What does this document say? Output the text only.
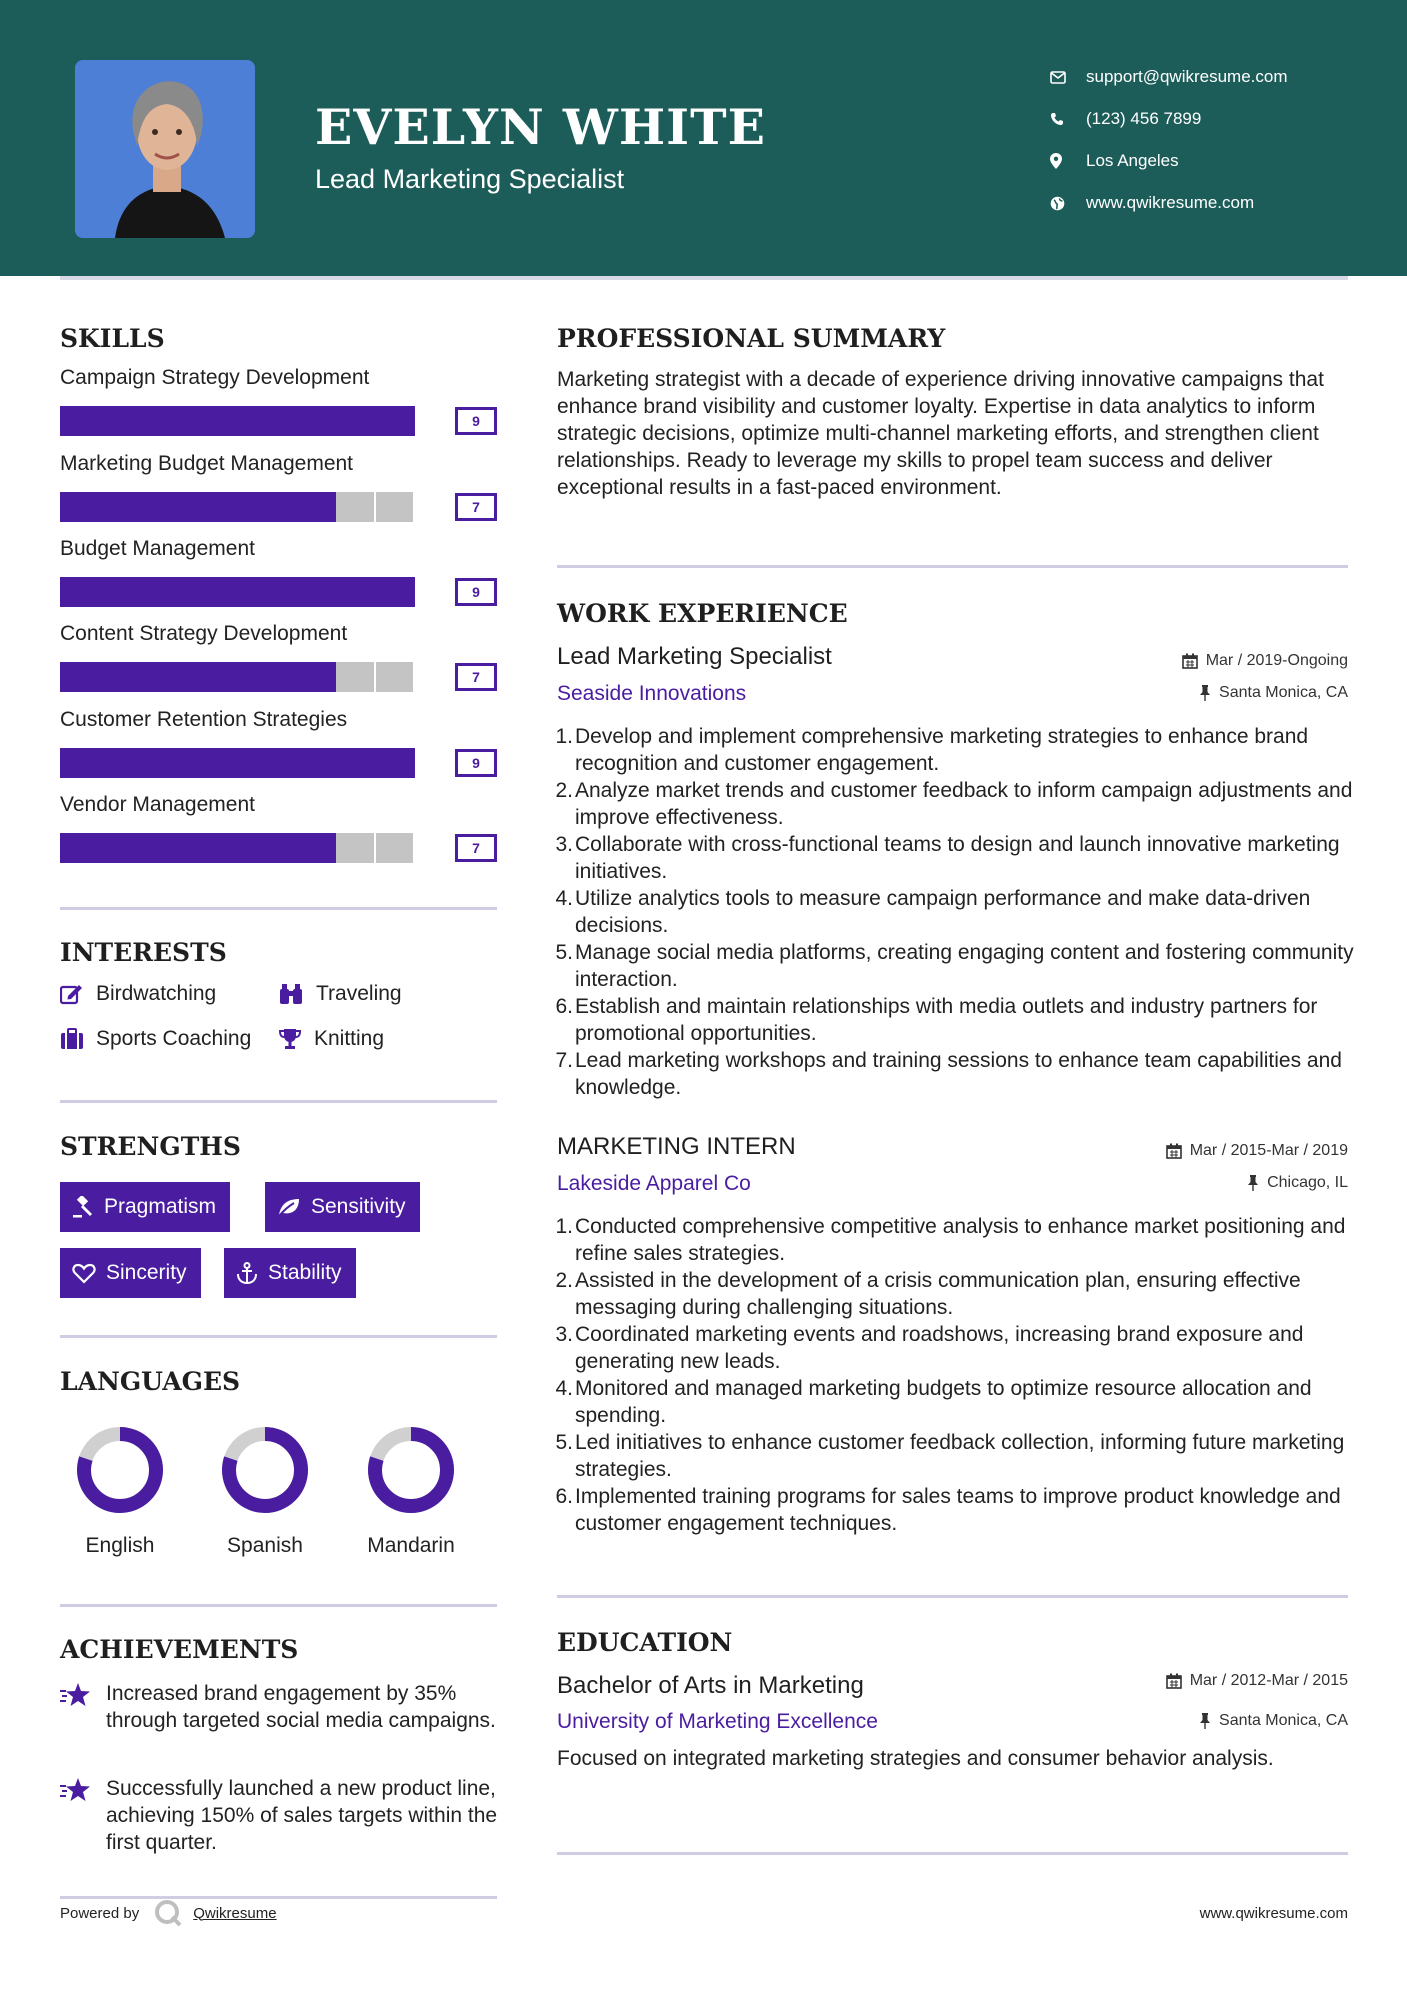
EVELYN WHITE
Lead Marketing Specialist
support@qwikresume.com
(123) 456 7899
Los Angeles
www.qwikresume.com
SKILLS
Campaign Strategy Development
9
Marketing Budget Management
7
Budget Management
9
Content Strategy Development
7
Customer Retention Strategies
9
Vendor Management
7
INTERESTS
Birdwatching	Traveling
Sports Coaching	Knitting
STRENGTHS
Pragmatism	Sensitivity
Sincerity	Stability
LANGUAGES
English	Spanish	Mandarin
ACHIEVEMENTS
Increased brand engagement by 35% through targeted social media campaigns.
Successfully launched a new product line, achieving 150% of sales targets within the first quarter.
PROFESSIONAL SUMMARY
Marketing strategist with a decade of experience driving innovative campaigns that enhance brand visibility and customer loyalty. Expertise in data analytics to inform strategic decisions, optimize multi-channel marketing efforts, and strengthen client relationships. Ready to leverage my skills to propel team success and deliver exceptional results in a fast-paced environment.
WORK EXPERIENCE
Lead Marketing Specialist	Mar / 2019-Ongoing
Seaside Innovations	Santa Monica, CA
1. Develop and implement comprehensive marketing strategies to enhance brand recognition and customer engagement.
2. Analyze market trends and customer feedback to inform campaign adjustments and improve effectiveness.
3. Collaborate with cross-functional teams to design and launch innovative marketing initiatives.
4. Utilize analytics tools to measure campaign performance and make data-driven decisions.
5. Manage social media platforms, creating engaging content and fostering community interaction.
6. Establish and maintain relationships with media outlets and industry partners for promotional opportunities.
7. Lead marketing workshops and training sessions to enhance team capabilities and knowledge.
MARKETING INTERN	Mar / 2015-Mar / 2019
Lakeside Apparel Co	Chicago, IL
1. Conducted comprehensive competitive analysis to enhance market positioning and refine sales strategies.
2. Assisted in the development of a crisis communication plan, ensuring effective messaging during challenging situations.
3. Coordinated marketing events and roadshows, increasing brand exposure and generating new leads.
4. Monitored and managed marketing budgets to optimize resource allocation and spending.
5. Led initiatives to enhance customer feedback collection, informing future marketing strategies.
6. Implemented training programs for sales teams to improve product knowledge and customer engagement techniques.
EDUCATION
Bachelor of Arts in Marketing	Mar / 2012-Mar / 2015
University of Marketing Excellence	Santa Monica, CA
Focused on integrated marketing strategies and consumer behavior analysis.
Powered by	Qwikresume	www.qwikresume.com
